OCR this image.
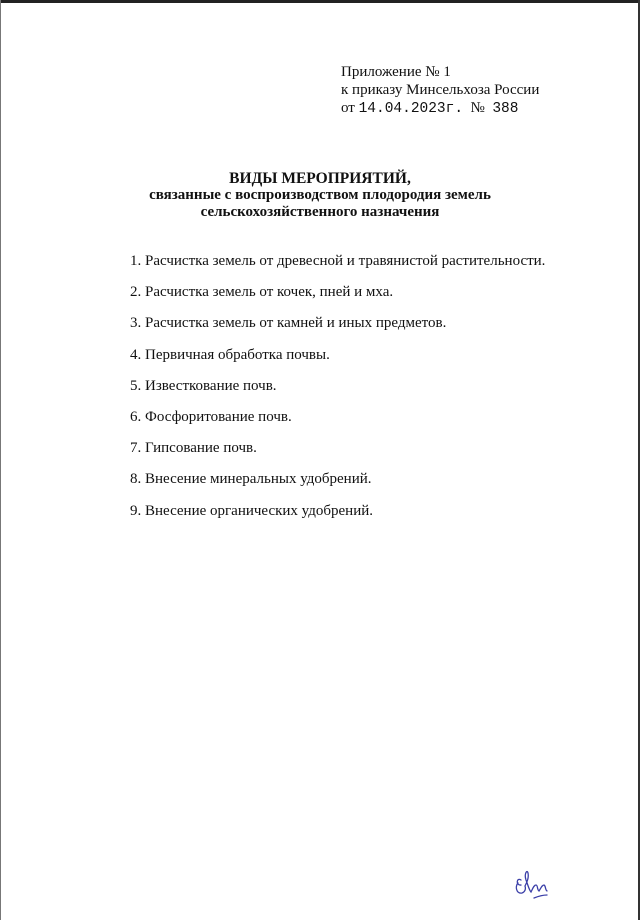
Приложение № 1
к приказу Минсельхоза России
от 14.04.2023г. № 388
ВИДЫ МЕРОПРИЯТИЙ,
связанные с воспроизводством плодородия земель
сельскохозяйственного назначения
1. Расчистка земель от древесной и травянистой растительности.
2. Расчистка земель от кочек, пней и мха.
3. Расчистка земель от камней и иных предметов.
4. Первичная обработка почвы.
5. Известкование почв.
6. Фосфоритование почв.
7. Гипсование почв.
8. Внесение минеральных удобрений.
9. Внесение органических удобрений.
